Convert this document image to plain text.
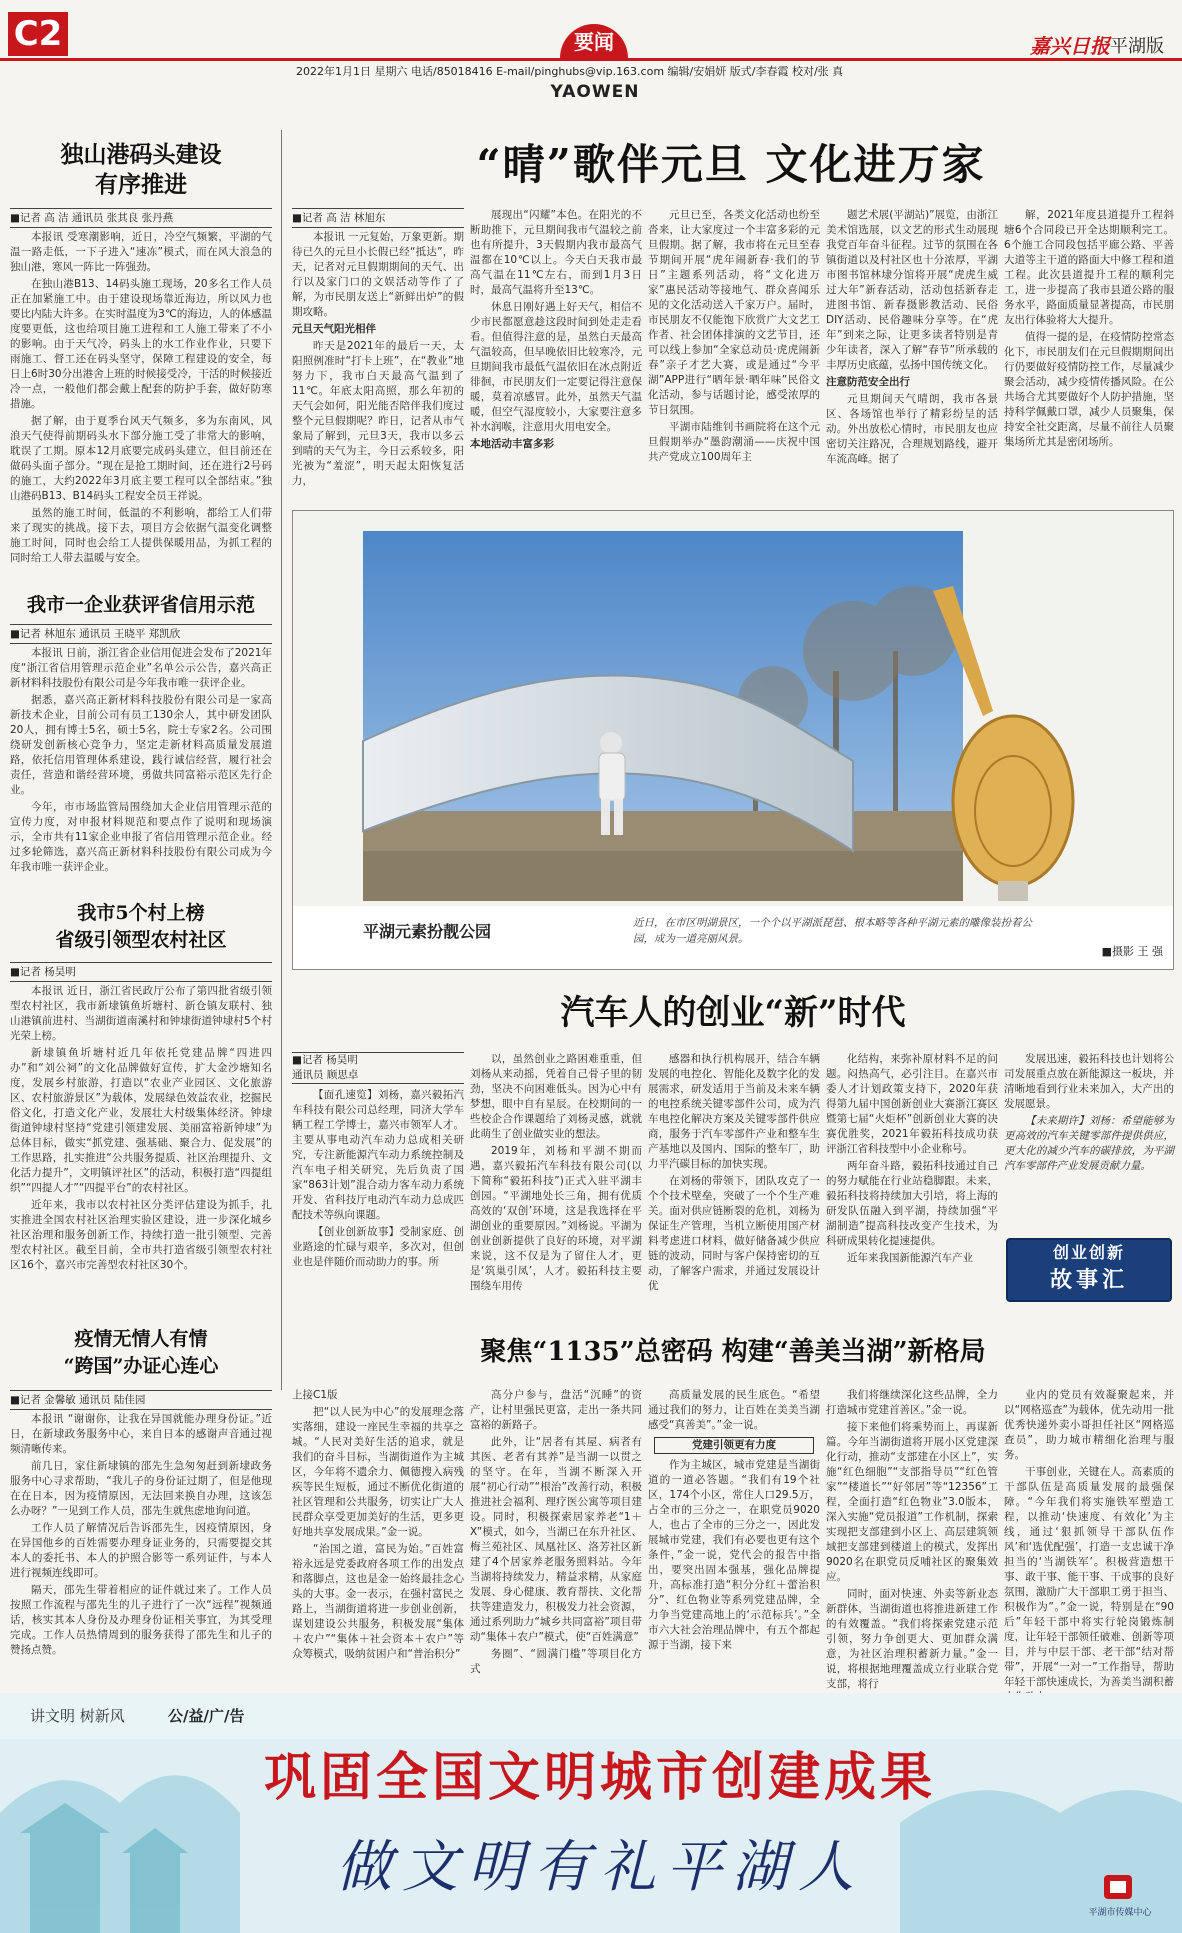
C2	要闻	嘉兴日报 平湖版
2022年1月1日 星期六 电话/85018416 E-mail/pinghubs@vip.163.com 编辑/安娟妍 版式/李春霞 校对/张 真
YAOWEN
独山港码头建设
有序推进
■记者 高 洁 通讯员 张其良 张丹燕

本报讯 受寒潮影响，近日，冷空气频繁，平湖的气温一路走低，一下子进入“速冻”模式，而在风大浪急的独山港，寒风一阵比一阵强劲。

在独山港B13、14码头施工现场，20多名工作人员正在加紧施工中。由于建设现场靠近海边，所以风力也要比内陆大许多。在实时温度为3℃的海边，人的体感温度要更低，这也给项目施工进程和工人施工带来了不小的影响。由于天气冷，码头上的水工作业作业，只要下雨施工、督工还在码头坚守，保障工程建设的安全，每日上6时30分出港舍上班的时候接受冷，干活的时候接近冷一点，一般他们都会戴上配套的防护手套，做好防寒措施。

据了解，由于夏季台风天气频多，多为东南风，风浪天气使得前期码头水下部分施工受了非常大的影响，耽误了工期。原本12月底要完成码头建立，但目前还在做码头面子部分。“现在是抢工期时间，还在进行2号码的施工，大约2022年3月底主要工程可以全部结束。”独山港码B13、B14码头工程安全员王祥说。

虽然的施工时间，低温的不利影响，都给工人们带来了现实的挑战。接下去，项目方会依据气温变化调整施工时间，同时也会给工人提供保暖用品，为抓工程的同时给工人带去温暖与安全。

我市一企业获评省信用示范
■记者 林旭东 通讯员 王晓平 郑凯欣

本报讯 日前，浙江省企业信用促进会发布了2021年度“浙江省信用管理示范企业”名单公示公告，嘉兴高正新材料科技股份有限公司是今年我市唯一获评企业。

据悉，嘉兴高正新材料科技股份有限公司是一家高新技术企业，目前公司有员工130余人，其中研发团队20人，拥有博士5名，硕士5名，院士专家2名。公司围绕研发创新核心竞争力，坚定走新材料高质量发展道路，依托信用管理体系建设，践行诚信经营，履行社会责任，营造和谐经营环境，勇做共同富裕示范区先行企业。

今年，市市场监管局围绕加大企业信用管理示范的宣传力度，对申报材料规范和要点作了说明和现场演示，全市共有11家企业申报了省信用管理示范企业。经过多轮筛选，嘉兴高正新材料科技股份有限公司成为今年我市唯一获评企业。

我市5个村上榜
省级引领型农村社区
■记者 杨昊明

本报讯 近日，浙江省民政厅公布了第四批省级引领型农村社区，我市新埭镇鱼圻塘村、新仓镇友联村、独山港镇前进村、当湖街道南溪村和钟埭街道钟埭村5个村光荣上榜。

新埭镇鱼圻塘村近几年依托党建品牌“四进四办”和“刘公祠”的文化品牌做好宣传，扩大金沙塘知名度，发展乡村旅游，打造以“农业产业园区、文化旅游区、农村旅游景区”为载体，发展绿色效益农业，挖掘民俗文化，打造文化产业，发展壮大村级集体经济。钟埭街道钟埭村坚持“党建引领建发展、美丽富裕新钟埭”为总体目标，做实“抓党建、强基础、聚合力、促发展”的工作思路，扎实推进“公共服务提质、社区治理提升、文化活力提升”，文明镇评社区”的活动，积极打造“四提组织”“四提人才”“四提平台”的农村社区。

近年来，我市以农村社区分类评估建设为抓手，扎实推进全国农村社区治理实验区建设，进一步深化城乡社区治理和服务创新工作，持续打造一批引领型、完善型农村社区。截至目前，全市共打造省级引领型农村社区16个，嘉兴市完善型农村社区30个。

疫情无情人有情
“跨国”办证心连心
■记者 金馨敏 通讯员 陆佳园

本报讯 “谢谢你，让我在异国就能办理身份证。”近日，在新埭政务服务中心，来自日本的感谢声音通过视频清晰传来。

前几日，家住新埭镇的邵先生急匆匆赶到新埭政务服务中心寻求帮助，“我儿子的身份证过期了，但是他现在在日本，因为疫情原因，无法回来换自办理，这该怎么办呀？”一见到工作人员，邵先生就焦虑地询问道。

工作人员了解情况后告诉邵先生，因疫情原因，身在异国他乡的百姓需要办理身证业务的，只需要提交其本人的委托书、本人的护照合影等一系列证件，与本人进行视频连线即可。

隔天，邵先生带着相应的证件就过来了。工作人员按照工作流程与邵先生的儿子进行了一次“远程”视频通话，核实其本人身份及办理身份证相关事宜，为其受理完成。工作人员热情周到的服务获得了邵先生和儿子的赞扬点赞。

“晴”歌伴元旦 文化进万家
■记者 高 洁 林旭东

本报讯 一元复始，万象更新。期待已久的元旦小长假已经“抵达”，昨天，记者对元旦假期期间的天气、出行以及家门口的文娱活动等作了了解，为市民朋友送上“新鲜出炉”的假期攻略。

元旦天气阳光相伴

昨天是2021年的最后一天，太阳照例准时“打卡上班”，在“教业”地努力下，我市白天最高气温到了11℃。年底太阳高照，那么年初的天气会如何，阳光能否陪伴我们度过整个元旦假期呢？昨日，记者从市气象局了解到，元旦3天，我市以多云到晴的天气为主，今日云系较多，阳光被为“羞涩”，明天起太阳恢复活力，

展现出“闪耀”本色。在阳光的不断助推下，元旦期间我市气温较之前也有所提升，3天假期内我市最高气温都在10℃以上。今天白天我市最高气温在11℃左右，而到1月3日时，最高气温将升至13℃。

休息日刚好遇上好天气，相信不少市民都愿意趁这段时间到处走走看看。但值得注意的是，虽然白天最高气温较高，但早晚依旧比较寒冷，元旦期间我市最低气温依旧在冰点附近徘徊，市民朋友们一定要记得注意保暖，莫着凉感冒。此外，虽然天气温暖，但空气湿度较小，大家要注意多补水润喉，注意用火用电安全。

本地活动丰富多彩

元旦已至，各类文化活动也纷至沓来，让大家度过一个丰富多彩的元旦假期。据了解，我市将在元旦至春节期间开展“虎年闹新春·我们的节日”主题系列活动，将“文化进万家”惠民活动等接地气、群众喜闻乐见的文化活动送入千家万户。届时，市民朋友不仅能饱下欣赏广大文艺工作者、社会团体排演的文艺节目，还可以线上参加“全家总动员·虎虎闹新春”亲子才艺大赛，或是通过“今平湖”APP进行“晒年景·晒年味”民俗文化活动，参与话题讨论，感受浓厚的节日氛围。

平湖市陆维钊书画院将在这个元旦假期举办“墨韵潮涌——庆祝中国共产党成立100周年主

题艺术展(平湖站)”展览，由浙江美术馆选展，以文艺的形式生动展现我党百年奋斗征程。过节的氛围在各镇街道以及村社区也十分浓厚，平湖市图书馆林埭分馆将开展“虎虎生威过大年”新春活动，活动包括新春走进图书馆、新春摄影教活动、民俗DIY活动、民俗趣味分享等。在“虎年”到来之际，让更多读者特别是青少年读者，深入了解“春节”所承载的丰厚历史底蕴，弘扬中国传统文化。

注意防范安全出行

元旦期间天气晴朗，我市各景区、各场馆也举行了精彩纷呈的活动。外出放松心情时，市民朋友也应密切关注路况，合理规划路线，避开车流高峰。据了

解，2021年度县道提升工程斜塘6个合同段已开全达期顺利完工。6个施工合同段包括平廊公路、平善大道等主干道的路面大中修工程和道工程。此次县道提升工程的顺利完工，进一步提高了我市县道公路的服务水平，路面质量显著提高，市民朋友出行体验将大大提升。

值得一提的是，在疫情防控常态化下，市民朋友们在元旦假期期间出行仍要做好疫情防控工作，尽量减少聚会活动，减少疫情传播风险。在公共场合尤其要做好个人防护措施，坚持科学佩戴口罩，减少人员聚集，保持安全社交距离，尽量不前往人员聚集场所尤其是密闭场所。

平湖元素扮靓公园	近日，在市区明湖景区，一个个以平湖派琵琶、根本略等各种平湖元素的雕像装扮着公园，成为一道亮丽风景。
■摄影 王 强
汽车人的创业“新”时代
■记者 杨昊明
通讯员 顾思卓

【面孔速览】刘杨，嘉兴毅拓汽车科技有限公司总经理，同济大学车辆工程工学博士，嘉兴市领军人才。主要从事电动汽车动力总成相关研究，专注新能源汽车动力系统控制及汽车电子相关研究，先后负责了国家“863计划”混合动力客车动力系统开发、省科技厅电动汽车动力总成匹配技术等纵向课题。

【创业创新故事】受制家庭、创业路途的忙碌与艰辛，多次对，但创业也是伴随价而动助力的事。所

以，虽然创业之路困难重重，但刘杨从来动摇，凭着自己骨子里的韧劲，坚决不向困难低头。因为心中有梦想，眼中自有星辰。在校期间的一些校企合作课题给了刘杨灵感，就就此萌生了创业做实业的想法。

2019年，刘杨和平湖不期而遇，嘉兴毅拓汽车科技有限公司(以下简称“毅拓科技”)正式入驻平湖丰创园。“平湖地处长三角，拥有优质高效的‘双创’环境，这是我选择在平湖创业的重要原因。”刘杨说。平湖为创业创新提供了良好的环境，对平湖来说，这不仅是为了留住人才，更是‘筑巢引凤’，人才。毅拓科技主要围绕车用传

感器和执行机构展开，结合车辆发展的电控化、智能化及数字化的发展需求，研发适用于当前及未来车辆的电控系统关键零部件公司，成为汽车电控化解决方案及关键零部件供应商，服务于汽车零部件产业和整车生产基地以及国内、国际的整车厂，助力平汽碳目标的加快实现。

在刘杨的带领下，团队攻克了一个个技术壁垒，突破了一个个生产难关。面对供应链断裂的危机，刘杨为保证生产管理，当机立断使用国产材料考虑进口材料，做好储备减少供应链的波动，同时与客户保持密切的互动，了解客户需求，并通过发展设计优

化结构，来弥补原材料不足的问题。闷热高气，必引注目。在嘉兴市委人才计划政策支持下，2020年获得第九届中国创新创业大赛浙江赛区暨第七届“火炬杯”创新创业大赛的决赛优胜奖，2021年毅拓科技成功获评浙江省科技型中小企业称号。

两年奋斗路，毅拓科技通过自己的努力赋能在行业站稳脚跟。未来，毅拓科技将持续加大引培，将上海的研发队伍融入到平湖，持续加强“平湖制造”提高科技改变产生技术，为科研成果转化提速提供。

近年来我国新能源汽车产业

发展迅速，毅拓科技也计划将公司发展重点放在新能源这一板块，并清晰地看到行业未来加入，大产出的发展愿景。

【未来期许】刘杨：希望能够为更高效的汽车关键零部件提供供应，更大化的减少汽车的碳排放，为平湖汽车零部件产业发展贡献力量。

创业创新
故事汇
聚焦“1135”总密码 构建“善美当湖”新格局

上接C1版

把“以人民为中心”的发展理念落实落细，建设一座民生幸福的共享之城。“人民对美好生活的追求，就是我们的奋斗目标，当湖街道作为主城区，今年将不遗余力、佩德搜入病残疾等民生短板，通过不断优化街道的社区管理和公共服务，切实让广大人民群众享受更加美好的生活，更多更好地共享发展成果。”金一说。

“治国之道，富民为始。”百姓富裕永远是党委政府各项工作的出发点和落脚点，这也是金一始终最挂念心头的大事。金一表示，在强村富民之路上，当湖街道将进一步创业创新，谋划建设公共服务，积极发展“集体＋农户”“集体＋社会资本＋农户”等众筹模式，吸纳贫困户和“普治积分”

高分户参与，盘活“沉睡”的资产，让村里强民更富，走出一条共同富裕的新路子。

此外，让“居者有其屋、病者有其医、老者有其养”是当湖一以贯之的坚守。在年，当湖不断深入开展“初心行动”“根治”改善行动，积极推进社会福利、理疗医公寓等项目建设。同时，积极探索居家养老“1＋X”模式，如今，当湖已在东升社区、梅兰苑社区、凤凰社区、洛芳社区新建了4个居家养老服务照料站。今年当湖将持续发力，精益求精，从家庭发展、身心健康、教育帮扶、文化帮扶等建造发力，积极发力社会资源，通过系列助力“城乡共同富裕”项目带动“集体＋农户”模式，使“百姓满意”

务圈”、“圆满门槛”等项目化方式

高质量发展的民生底色。“希望通过我们的努力，让百姓在美美当湖感受“真善美”。”金一说。

党建引领更有力度

作为主城区，城市党建是当湖街道的一道必答题。“我们有19个社区，174个小区，常住人口29.5万，占全市的三分之一，在职党员9020人，也占了全市的三分之一，因此发展城市党建，我们有必要也更有这个条件，”金一说，党代会的报告中指出，要突出固本强基，强化品牌提升，高标准打造“积分分红＋蕾治积分”、红色物业等系列党建品牌，全力争当党建高地上的‘示范标兵’。”全市六大社会治理品牌中，有五个都起源于当湖，接下来

我们将继续深化这些品牌，全力打造城市党建首善区。”金一说。

接下来他们将乘势而上，再谋新篇。今年当湖街道将开展小区党建深化行动，推动“支部建在小区上”，实施“红色细胞”“支部指导员”“红色管家”“楼道长”“好邻居”等“12356”工程，全面打造“红色物业”3.0版本，深入实施“党员报道”工作机制，探索实现把支部建到小区上、高层建筑领域把支部建到楼道上的模式，发挥出9020名在职党员反哺社区的聚集效应。

同时，面对快速、外卖等新业态新群体，当湖街道也将推进新建工作的有效覆盖。“我们将探索党建示范引领，努力争创更大、更加群众满意，为社区治理积蓄新力量。”金一说，将根据地理覆盖成立行业联合党支部，将行

业内的党员有效凝聚起来，并以“网格巡查”为载体，优先动用一批优秀快递外卖小哥担任社区“网格巡查员”，助力城市精细化治理与服务。

干事创业，关键在人。高素质的干部队伍是高质量发展的最强保障。“今年我们将实施铁军塑造工程，以推动‘快速度、有效化’为主线，通过‘狠抓领导干部队伍作风’和‘选优配强’，打造一支忠诚干净担当的‘当湖铁军’。积极营造想干事、敢干事、能干事、干成事的良好氛围，激励广大干部职工勇于担当、积极作为”。”金一说，特别是在“90后”年轻干部中将实行轮岗锻炼制度，让年轻干部领任破难、创新等项目，并与中层干部、老干部“结对帮带”，开展“一对一”工作指导，帮助年轻干部快速成长，为善美当湖积蓄

讲文明 树新风	公/益/广/告
巩固全国文明城市创建成果
做文明有礼平湖人
平湖市传媒中心
